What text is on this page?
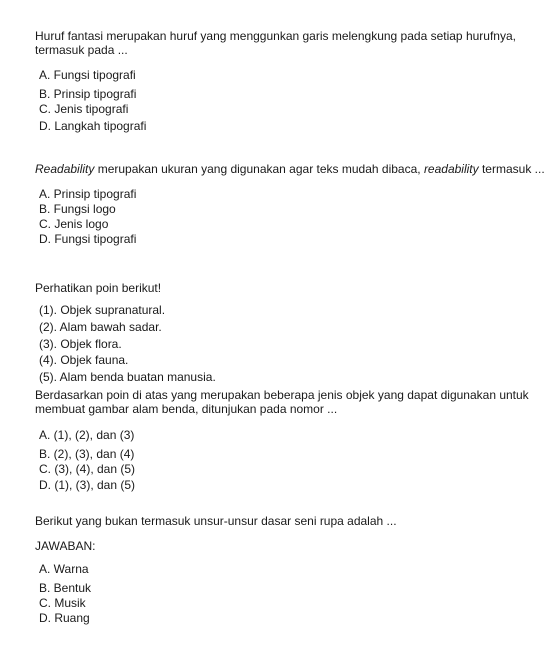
Huruf fantasi merupakan huruf yang menggunkan garis melengkung pada setiap hurufnya, termasuk pada ...
A. Fungsi tipografi
B. Prinsip tipografi
C. Jenis tipografi
D. Langkah tipografi
Readability merupakan ukuran yang digunakan agar teks mudah dibaca, readability termasuk ...
A. Prinsip tipografi
B. Fungsi logo
C. Jenis logo
D. Fungsi tipografi
Perhatikan poin berikut!
(1). Objek supranatural.
(2). Alam bawah sadar.
(3). Objek flora.
(4). Objek fauna.
(5). Alam benda buatan manusia.
Berdasarkan poin di atas yang merupakan beberapa jenis objek yang dapat digunakan untuk membuat gambar alam benda, ditunjukan pada nomor ...
A. (1), (2), dan (3)
B. (2), (3), dan (4)
C. (3), (4), dan (5)
D. (1), (3), dan (5)
Berikut yang bukan termasuk unsur-unsur dasar seni rupa adalah ...
JAWABAN:
A. Warna
B. Bentuk
C. Musik
D. Ruang
